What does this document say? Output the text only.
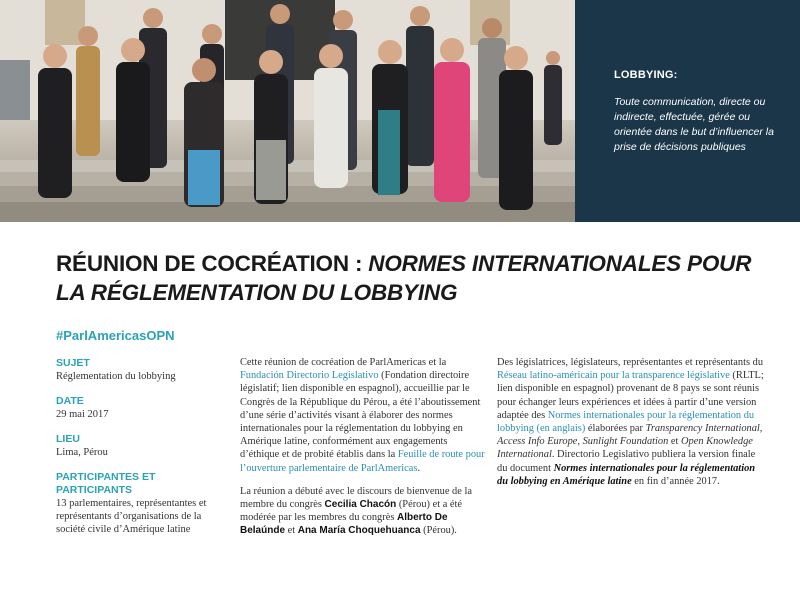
LOBBYING:
Toute communication, directe ou indirecte, effectuée, gérée ou orientée dans le but d’influencer la prise de décisions publiques
RÉUNION DE COCRÉATION : NORMES INTERNATIONALES POUR LA RÉGLEMENTATION DU LOBBYING
#ParlAmericasOPN
SUJET
Réglementation du lobbying
DATE
29 mai 2017
LIEU
Lima, Pérou
PARTICIPANTES ET PARTICIPANTS
13 parlementaires, représentantes et représentants d’organisations de la société civile d’Amérique latine

Cette réunion de cocréation de ParlAmericas et la Fundación Directorio Legislativo (Fondation directoire législatif; lien disponible en espagnol), accueillie par le Congrès de la République du Pérou, a été l’aboutissement d’une série d’activités visant à élaborer des normes internationales pour la réglementation du lobbying en Amérique latine, conformément aux engagements d’éthique et de probité établis dans la Feuille de route pour l’ouverture parlementaire de ParlAmericas.

La réunion a débuté avec le discours de bienvenue de la membre du congrès Cecilia Chacón (Pérou) et a été modérée par les membres du congrès Alberto De Belaúnde et Ana María Choquehuanca (Pérou).

Des législatrices, législateurs, représentantes et représentants du Réseau latino-américain pour la transparence législative (RLTL; lien disponible en espagnol) provenant de 8 pays se sont réunis pour échanger leurs expériences et idées à partir d’une version adaptée des Normes internationales pour la réglementation du lobbying (en anglais) élaborées par Transparency International, Access Info Europe, Sunlight Foundation et Open Knowledge International. Directorio Legislativo publiera la version finale du document Normes internationales pour la réglementation du lobbying en Amérique latine en fin d’année 2017.
